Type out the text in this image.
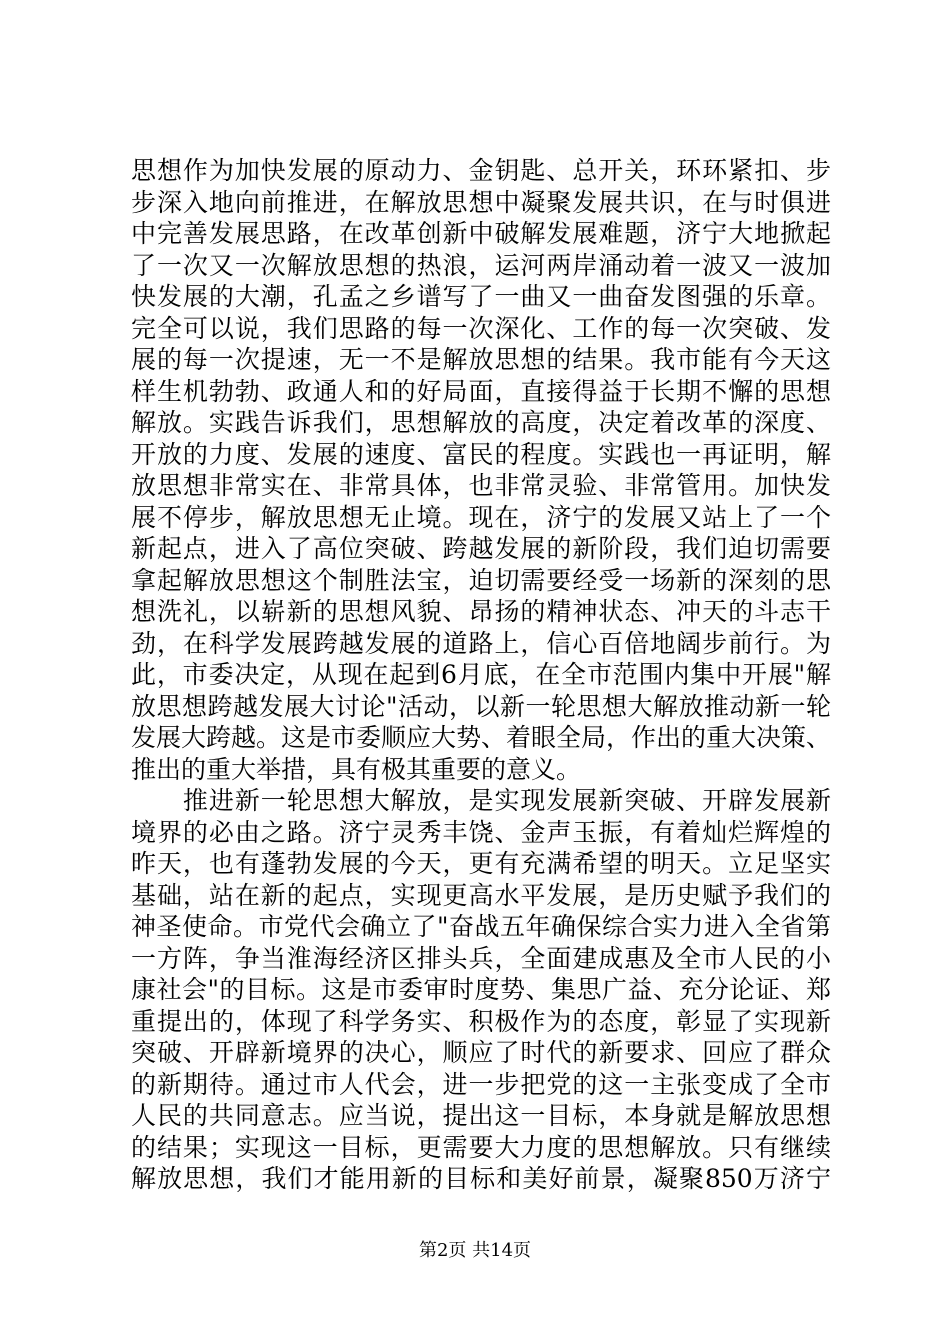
思想作为加快发展的原动力、金钥匙、总开关，环环紧扣、步
步深入地向前推进，在解放思想中凝聚发展共识，在与时俱进
中完善发展思路，在改革创新中破解发展难题，济宁大地掀起
了一次又一次解放思想的热浪，运河两岸涌动着一波又一波加
快发展的大潮，孔孟之乡谱写了一曲又一曲奋发图强的乐章。
完全可以说，我们思路的每一次深化、工作的每一次突破、发
展的每一次提速，无一不是解放思想的结果。我市能有今天这
样生机勃勃、政通人和的好局面，直接得益于长期不懈的思想
解放。实践告诉我们，思想解放的高度，决定着改革的深度、
开放的力度、发展的速度、富民的程度。实践也一再证明，解
放思想非常实在、非常具体，也非常灵验、非常管用。加快发
展不停步，解放思想无止境。现在，济宁的发展又站上了一个
新起点，进入了高位突破、跨越发展的新阶段，我们迫切需要
拿起解放思想这个制胜法宝，迫切需要经受一场新的深刻的思
想洗礼，以崭新的思想风貌、昂扬的精神状态、冲天的斗志干
劲，在科学发展跨越发展的道路上，信心百倍地阔步前行。为
此，市委决定，从现在起到6月底，在全市范围内集中开展"解
放思想跨越发展大讨论"活动，以新一轮思想大解放推动新一轮
发展大跨越。这是市委顺应大势、着眼全局，作出的重大决策、
推出的重大举措，具有极其重要的意义。
　　推进新一轮思想大解放，是实现发展新突破、开辟发展新
境界的必由之路。济宁灵秀丰饶、金声玉振，有着灿烂辉煌的
昨天，也有蓬勃发展的今天，更有充满希望的明天。立足坚实
基础，站在新的起点，实现更高水平发展，是历史赋予我们的
神圣使命。市党代会确立了"奋战五年确保综合实力进入全省第
一方阵，争当淮海经济区排头兵，全面建成惠及全市人民的小
康社会"的目标。这是市委审时度势、集思广益、充分论证、郑
重提出的，体现了科学务实、积极作为的态度，彰显了实现新
突破、开辟新境界的决心，顺应了时代的新要求、回应了群众
的新期待。通过市人代会，进一步把党的这一主张变成了全市
人民的共同意志。应当说，提出这一目标，本身就是解放思想
的结果；实现这一目标，更需要大力度的思想解放。只有继续
解放思想，我们才能用新的目标和美好前景，凝聚850万济宁
第2页 共14页
